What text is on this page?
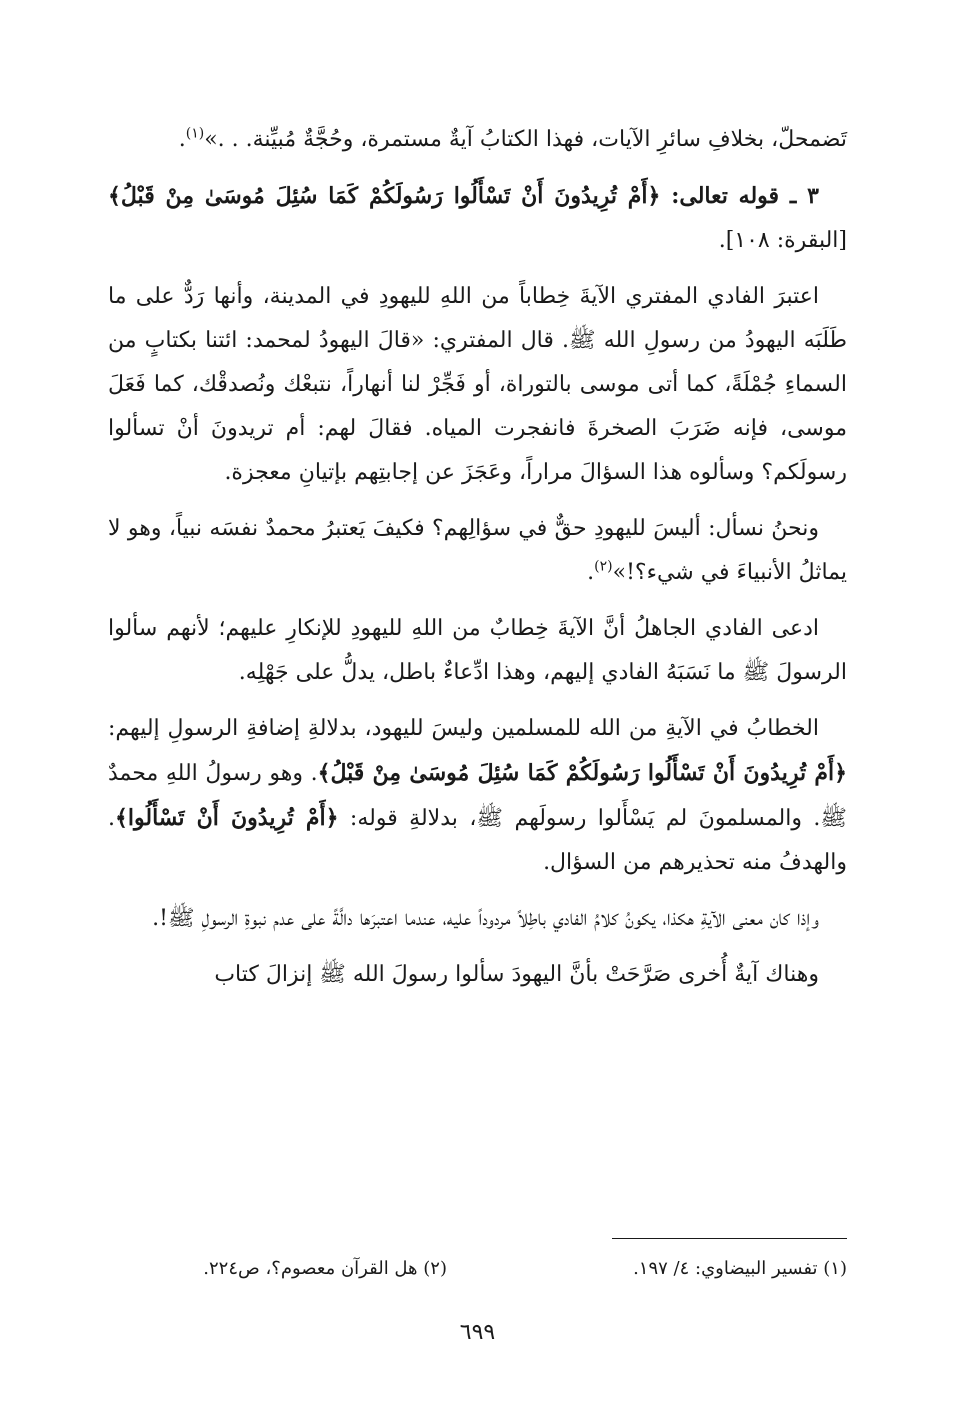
تَضمحلّ، بخلافِ سائرِ الآيات، فهذا الكتابُ آيةٌ مستمرة، وحُجَّةٌ مُبيِّنة. . .»$^{(١)}$.

٣ ـ قوله تعالى: ﴿أَمْ تُرِيدُونَ أَنْ تَسْأَلُوا رَسُولَكُمْ كَمَا سُئِلَ مُوسَىٰ مِنْ قَبْلُ﴾ [البقرة: ١٠٨].

اعتبرَ الفادي المفتري الآيةَ خِطاباً من اللهِ لليهودِ في المدينة، وأنها رَدٌّ على ما طَلَبَه اليهودُ من رسولِ الله ﷺ. قال المفتري: «قالَ اليهودُ لمحمد: ائتنا بكتابٍ من السماءِ جُمْلَةً، كما أتى موسى بالتوراة، أو فَجِّرْ لنا أنهاراً، نتبعْك ونُصدقْك، كما فَعَلَ موسى، فإنه ضَرَبَ الصخرةَ فانفجرت المياه. فقالَ لهم: أم تريدونَ أنْ تسألوا رسولَكم؟ وسألوه هذا السؤالَ مراراً، وعَجَزَ عن إجابتِهم بإتيانِ معجزة.

ونحنُ نسأل: أليسَ لليهودِ حقٌّ في سؤالِهم؟ فكيفَ يَعتبرُ محمدٌ نفسَه نبياً، وهو لا يماثلُ الأنبياءَ في شيء؟!»$^{(٢)}$.

ادعى الفادي الجاهلُ أنَّ الآيةَ خِطابٌ من اللهِ لليهودِ للإنكارِ عليهم؛ لأنهم سألوا الرسولَ ﷺ ما نَسَبَهُ الفادي إليهم، وهذا ادِّعاءٌ باطل، يدلُّ على جَهْلِه.

الخطابُ في الآيةِ من الله للمسلمين وليسَ لليهود، بدلالةِ إضافةِ الرسولِ إليهم: ﴿أَمْ تُرِيدُونَ أَنْ تَسْأَلُوا رَسُولَكُمْ كَمَا سُئِلَ مُوسَىٰ مِنْ قَبْلُ﴾. وهو رسولُ اللهِ محمدٌ ﷺ. والمسلمونَ لم يَسْأَلوا رسولَهم ﷺ، بدلالةِ قوله: ﴿أَمْ تُرِيدُونَ أَنْ تَسْأَلُوا﴾. والهدفُ منه تحذيرهم من السؤال.

وإذا كان معنى الآيةِ هكذا، يكونُ كلامُ الفادي باطِلاً مردوداً عليه، عندما اعتبرَها دالَّةً على عدم نبوةِ الرسولِ ﷺ!.

وهناك آيةٌ أُخرى صَرَّحَتْ بأنَّ اليهودَ سألوا رسولَ الله ﷺ إنزالَ كتاب

(١) تفسير البيضاوي: ٤/ ١٩٧.
(٢) هل القرآن معصوم؟، ص٢٢٤.
٦٩٩
